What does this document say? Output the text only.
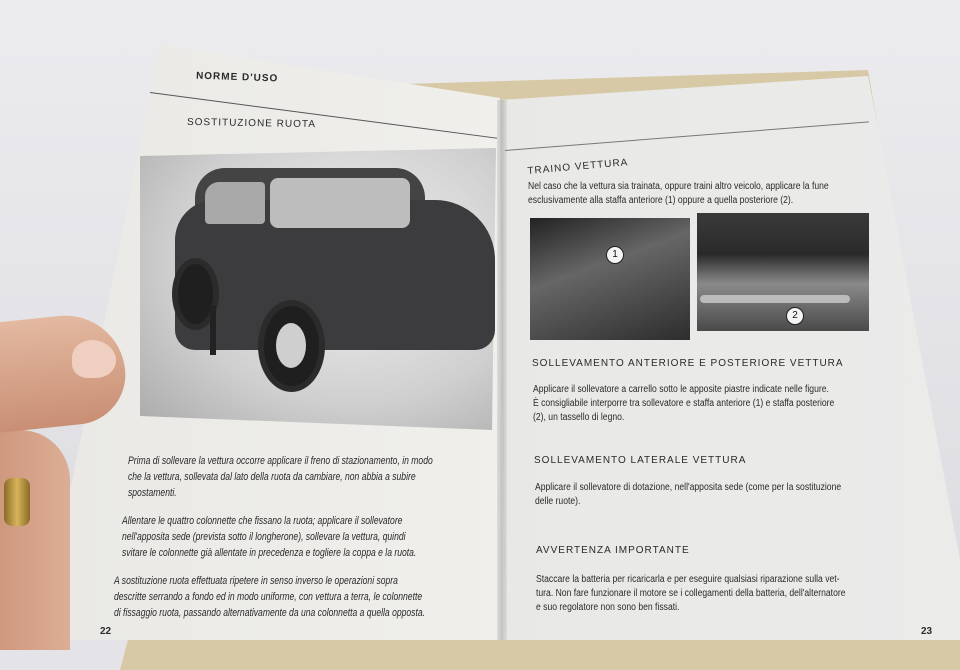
NORME D'USO
SOSTITUZIONE RUOTA
Prima di sollevare la vettura occorre applicare il freno di stazionamento, in modo
che la vettura, sollevata dal lato della ruota da cambiare, non abbia a subire
spostamenti.
Allentare le quattro colonnette che fissano la ruota; applicare il sollevatore
nell'apposita sede (prevista sotto il longherone), sollevare la vettura, quindi
svitare le colonnette già allentate in precedenza e togliere la coppa e la ruota.
A sostituzione ruota effettuata ripetere in senso inverso le operazioni sopra
descritte serrando a fondo ed in modo uniforme, con vettura a terra, le colonnette
di fissaggio ruota, passando alternativamente da una colonnetta a quella opposta.
22
TRAINO VETTURA
Nel caso che la vettura sia trainata, oppure traini altro veicolo, applicare la fune
esclusivamente alla staffa anteriore (1) oppure a quella posteriore (2).
1
2
SOLLEVAMENTO ANTERIORE E POSTERIORE VETTURA
Applicare il sollevatore a carrello sotto le apposite piastre indicate nelle figure.
È consigliabile interporre tra sollevatore e staffa anteriore (1) e staffa posteriore
(2), un tassello di legno.
SOLLEVAMENTO LATERALE VETTURA
Applicare il sollevatore di dotazione, nell'apposita sede (come per la sostituzione
delle ruote).
AVVERTENZA IMPORTANTE
Staccare la batteria per ricaricarla e per eseguire qualsiasi riparazione sulla vet-
tura. Non fare funzionare il motore se i collegamenti della batteria, dell'alternatore
e suo regolatore non sono ben fissati.
23
